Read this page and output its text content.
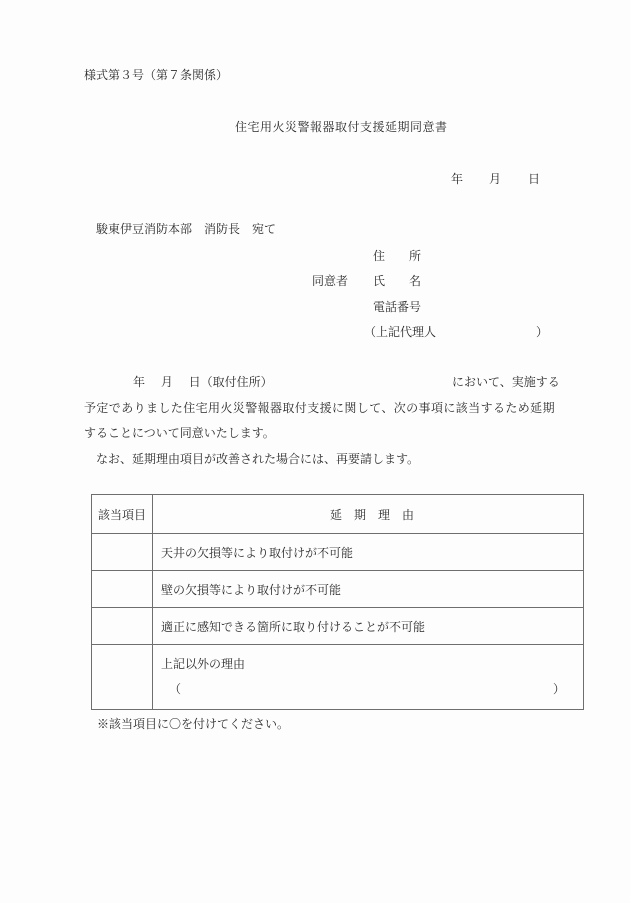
様式第３号（第７条関係）
住宅用火災警報器取付支援延期同意書
年 月 日
駿東伊豆消防本部　消防長　宛て
住　　所
同意者 氏　　名
電話番号
（上記代理人	）
年　 月　 日（取付住所）	において、実施する
予定でありました住宅用火災警報器取付支援に関して、次の事項に該当するため延期
することについて同意いたします。
なお、延期理由項目が改善された場合には、再要請します。
該当項目	延　期　理　由
	天井の欠損等により取付けが不可能
	壁の欠損等により取付けが不可能
	適正に感知できる箇所に取り付けることが不可能

	上記以外の理由
（ ）
※該当項目に〇を付けてください。
